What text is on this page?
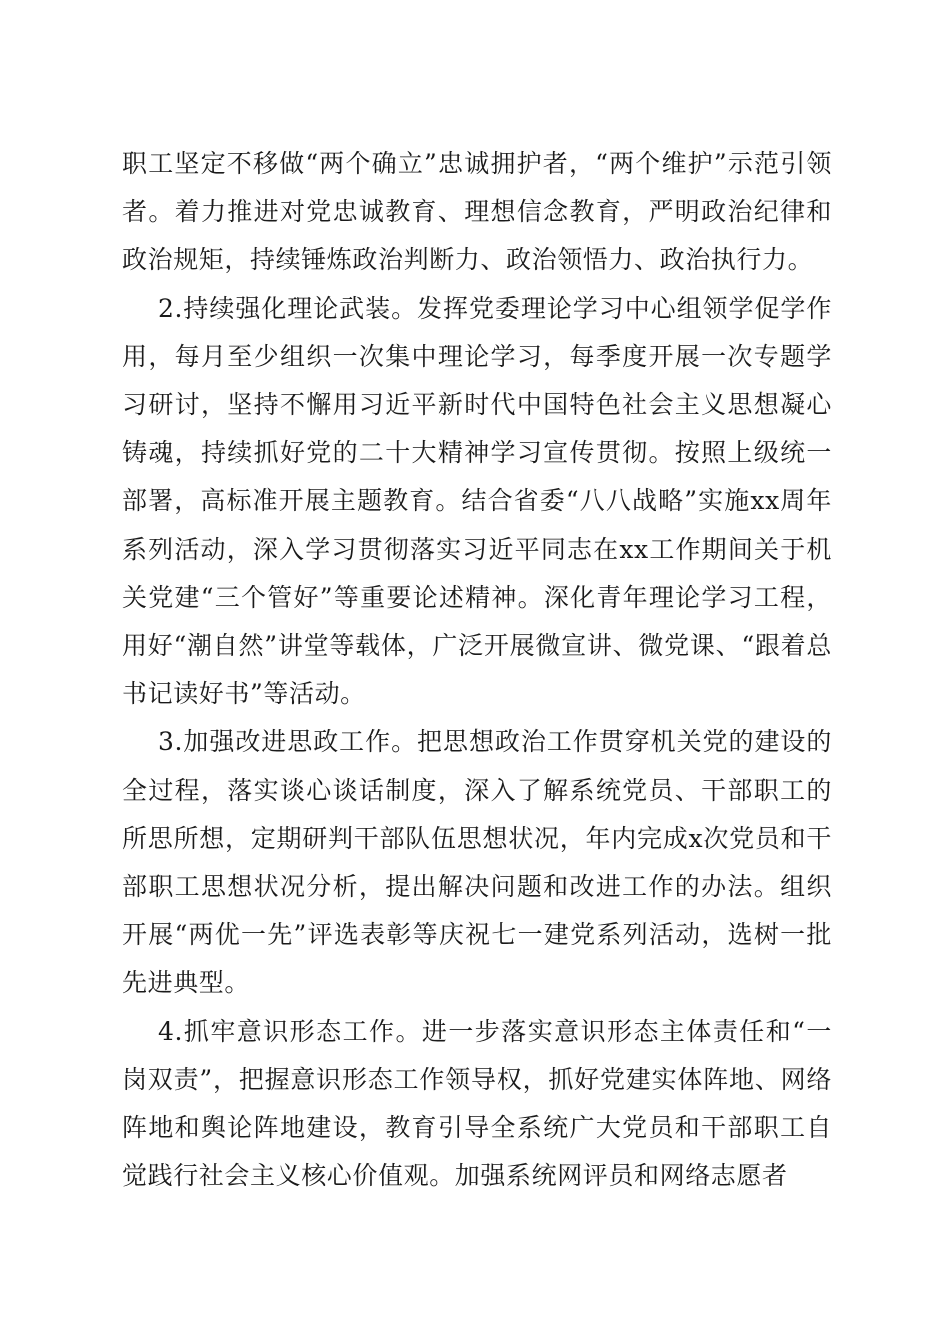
职工坚定不移做“两个确立”忠诚拥护者，“两个维护”示范引领者。着力推进对党忠诚教育、理想信念教育，严明政治纪律和政治规矩，持续锤炼政治判断力、政治领悟力、政治执行力。

2.持续强化理论武装。发挥党委理论学习中心组领学促学作用，每月至少组织一次集中理论学习，每季度开展一次专题学习研讨，坚持不懈用习近平新时代中国特色社会主义思想凝心铸魂，持续抓好党的二十大精神学习宣传贯彻。按照上级统一部署，高标准开展主题教育。结合省委“八八战略”实施xx周年系列活动，深入学习贯彻落实习近平同志在xx工作期间关于机关党建“三个管好”等重要论述精神。深化青年理论学习工程，用好“潮自然”讲堂等载体，广泛开展微宣讲、微党课、“跟着总书记读好书”等活动。

3.加强改进思政工作。把思想政治工作贯穿机关党的建设的全过程，落实谈心谈话制度，深入了解系统党员、干部职工的所思所想，定期研判干部队伍思想状况，年内完成x次党员和干部职工思想状况分析，提出解决问题和改进工作的办法。组织开展“两优一先”评选表彰等庆祝七一建党系列活动，选树一批先进典型。

4.抓牢意识形态工作。进一步落实意识形态主体责任和“一岗双责”，把握意识形态工作领导权，抓好党建实体阵地、网络阵地和舆论阵地建设，教育引导全系统广大党员和干部职工自觉践行社会主义核心价值观。加强系统网评员和网络志愿者
